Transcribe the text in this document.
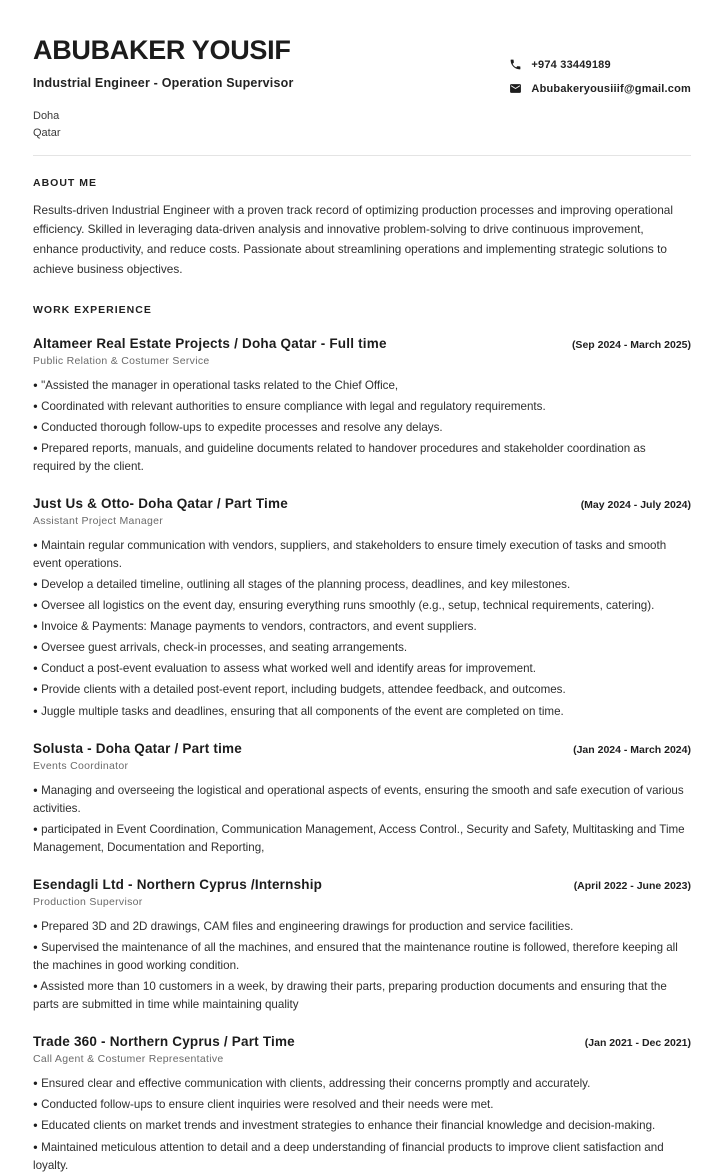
ABUBAKER YOUSIF
Industrial Engineer - Operation Supervisor
Doha
Qatar
+974 33449189
Abubakeryousiiif@gmail.com
ABOUT ME
Results-driven Industrial Engineer with a proven track record of optimizing production processes and improving operational efficiency. Skilled in leveraging data-driven analysis and innovative problem-solving to drive continuous improvement, enhance productivity, and reduce costs. Passionate about streamlining operations and implementing strategic solutions to achieve business objectives.
WORK EXPERIENCE
Altameer Real Estate Projects / Doha Qatar - Full time	(Sep 2024 - March 2025)
Public Relation & Costumer Service
● "Assisted the manager in operational tasks related to the Chief Office,
● Coordinated with relevant authorities to ensure compliance with legal and regulatory requirements.
● Conducted thorough follow-ups to expedite processes and resolve any delays.
● Prepared reports, manuals, and guideline documents related to handover procedures and stakeholder coordination as required by the client.
Just Us & Otto- Doha Qatar / Part Time	(May 2024 - July 2024)
Assistant Project Manager
● Maintain regular communication with vendors, suppliers, and stakeholders to ensure timely execution of tasks and smooth event operations.
● Develop a detailed timeline, outlining all stages of the planning process, deadlines, and key milestones.
● Oversee all logistics on the event day, ensuring everything runs smoothly (e.g., setup, technical requirements, catering).
● Invoice & Payments: Manage payments to vendors, contractors, and event suppliers.
● Oversee guest arrivals, check-in processes, and seating arrangements.
● Conduct a post-event evaluation to assess what worked well and identify areas for improvement.
● Provide clients with a detailed post-event report, including budgets, attendee feedback, and outcomes.
● Juggle multiple tasks and deadlines, ensuring that all components of the event are completed on time.
Solusta - Doha Qatar / Part time	(Jan 2024 - March 2024)
Events Coordinator
● Managing and overseeing the logistical and operational aspects of events, ensuring the smooth and safe execution of various activities.
● participated in Event Coordination, Communication Management, Access Control., Security and Safety, Multitasking and Time Management, Documentation and Reporting,
Esendagli Ltd - Northern Cyprus /Internship	(April 2022 - June 2023)
Production Supervisor
● Prepared 3D and 2D drawings, CAM files and engineering drawings for production and service facilities.
● Supervised the maintenance of all the machines, and ensured that the maintenance routine is followed, therefore keeping all the machines in good working condition.
● Assisted more than 10 customers in a week, by drawing their parts, preparing production documents and ensuring that the parts are submitted in time while maintaining quality
Trade 360 - Northern Cyprus / Part Time	(Jan 2021 - Dec 2021)
Call Agent & Costumer Representative
● Ensured clear and effective communication with clients, addressing their concerns promptly and accurately.
● Conducted follow-ups to ensure client inquiries were resolved and their needs were met.
● Educated clients on market trends and investment strategies to enhance their financial knowledge and decision-making.
● Maintained meticulous attention to detail and a deep understanding of financial products to improve client satisfaction and loyalty.
